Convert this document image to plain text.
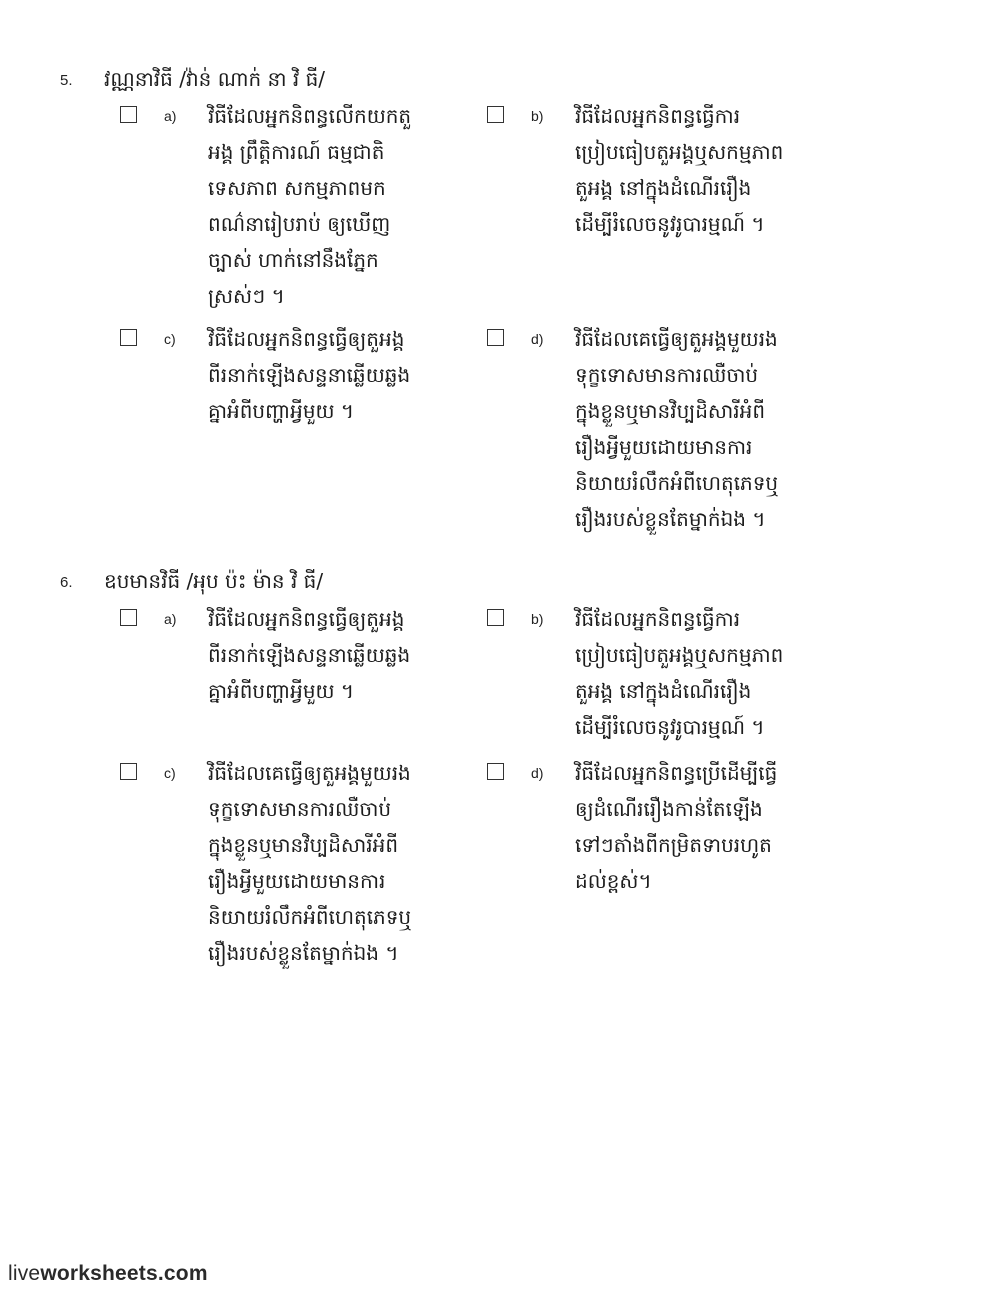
5. វណ្ណនាវិធី /វ៉ាន់ ណាក់ នា វិ ធី/
a) វិធីដែលអ្នកនិពន្ធលើកយកតួ
អង្គ ព្រឹត្តិការណ៍ ធម្មជាតិ
ទេសភាព សកម្មភាពមក
ពណ៌នារៀបរាប់ ឲ្យឃើញ
ច្បាស់ ហាក់នៅនឹងភ្នែក
ស្រស់ៗ ។
b) វិធីដែលអ្នកនិពន្ធធ្វើការ
ប្រៀបធៀបតួអង្គឬសកម្មភាព
តួអង្គ នៅក្នុងដំណើររឿង
ដើម្បីរំលេចនូវរូបារម្មណ៍ ។
c) វិធីដែលអ្នកនិពន្ធធ្វើឲ្យតួអង្គ
ពីរនាក់ឡើងសន្ទនាឆ្លើយឆ្លង
គ្នាអំពីបញ្ហាអ្វីមួយ ។
d) វិធីដែលគេធ្វើឲ្យតួអង្គមួយរង
ទុក្ខទោសមានការឈឺចាប់
ក្នុងខ្លួនឬមានវិប្បដិសារីអំពី
រឿងអ្វីមួយដោយមានការ
និយាយរំលឹកអំពីហេតុភេទឬ
រឿងរបស់ខ្លួនតែម្នាក់ឯង ។
6. ឧបមានវិធី /អុប ប៉ះ ម៉ាន វិ ធី/
a) វិធីដែលអ្នកនិពន្ធធ្វើឲ្យតួអង្គ
ពីរនាក់ឡើងសន្ទនាឆ្លើយឆ្លង
គ្នាអំពីបញ្ហាអ្វីមួយ ។
b) វិធីដែលអ្នកនិពន្ធធ្វើការ
ប្រៀបធៀបតួអង្គឬសកម្មភាព
តួអង្គ នៅក្នុងដំណើររឿង
ដើម្បីរំលេចនូវរូបារម្មណ៍ ។
c) វិធីដែលគេធ្វើឲ្យតួអង្គមួយរង
ទុក្ខទោសមានការឈឺចាប់
ក្នុងខ្លួនឬមានវិប្បដិសារីអំពី
រឿងអ្វីមួយដោយមានការ
និយាយរំលឹកអំពីហេតុភេទឬ
រឿងរបស់ខ្លួនតែម្នាក់ឯង ។
d) វិធីដែលអ្នកនិពន្ធប្រើដើម្បីធ្វើ
ឲ្យដំណើររឿងកាន់តែឡើង
ទៅៗតាំងពីកម្រិតទាបរហូត
ដល់ខ្ពស់។
liveworksheets.com
